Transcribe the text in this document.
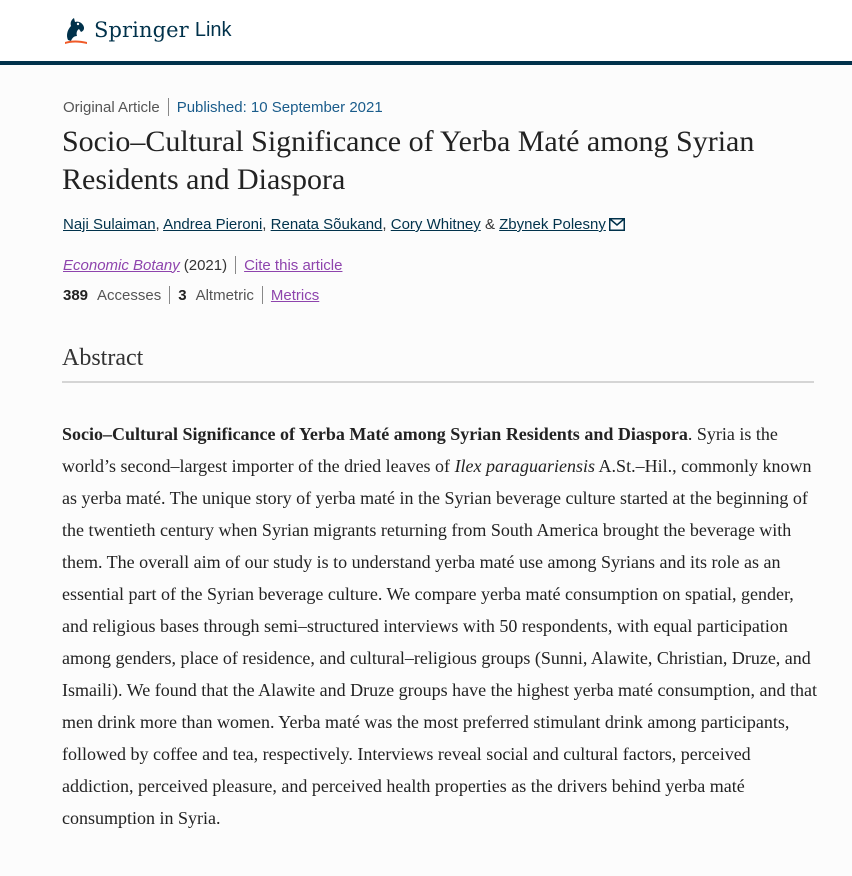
Springer Link
Original Article Published: 10 September 2021
Socio–Cultural Significance of Yerba Maté among Syrian Residents and Diaspora
Naji Sulaiman, Andrea Pieroni, Renata Sõukand, Cory Whitney & Zbynek Polesny
Economic Botany (2021) Cite this article
389 Accesses 3 Altmetric Metrics
Abstract

Socio–Cultural Significance of Yerba Maté among Syrian Residents and Diaspora. Syria is the world’s second–largest importer of the dried leaves of Ilex paraguariensis A.St.–Hil., commonly known as yerba maté. The unique story of yerba maté in the Syrian beverage culture started at the beginning of the twentieth century when Syrian migrants returning from South America brought the beverage with them. The overall aim of our study is to understand yerba maté use among Syrians and its role as an essential part of the Syrian beverage culture. We compare yerba maté consumption on spatial, gender, and religious bases through semi–structured interviews with 50 respondents, with equal participation among genders, place of residence, and cultural–religious groups (Sunni, Alawite, Christian, Druze, and Ismaili). We found that the Alawite and Druze groups have the highest yerba maté consumption, and that men drink more than women. Yerba maté was the most preferred stimulant drink among participants, followed by coffee and tea, respectively. Interviews reveal social and cultural factors, perceived addiction, perceived pleasure, and perceived health properties as the drivers behind yerba maté consumption in Syria.
